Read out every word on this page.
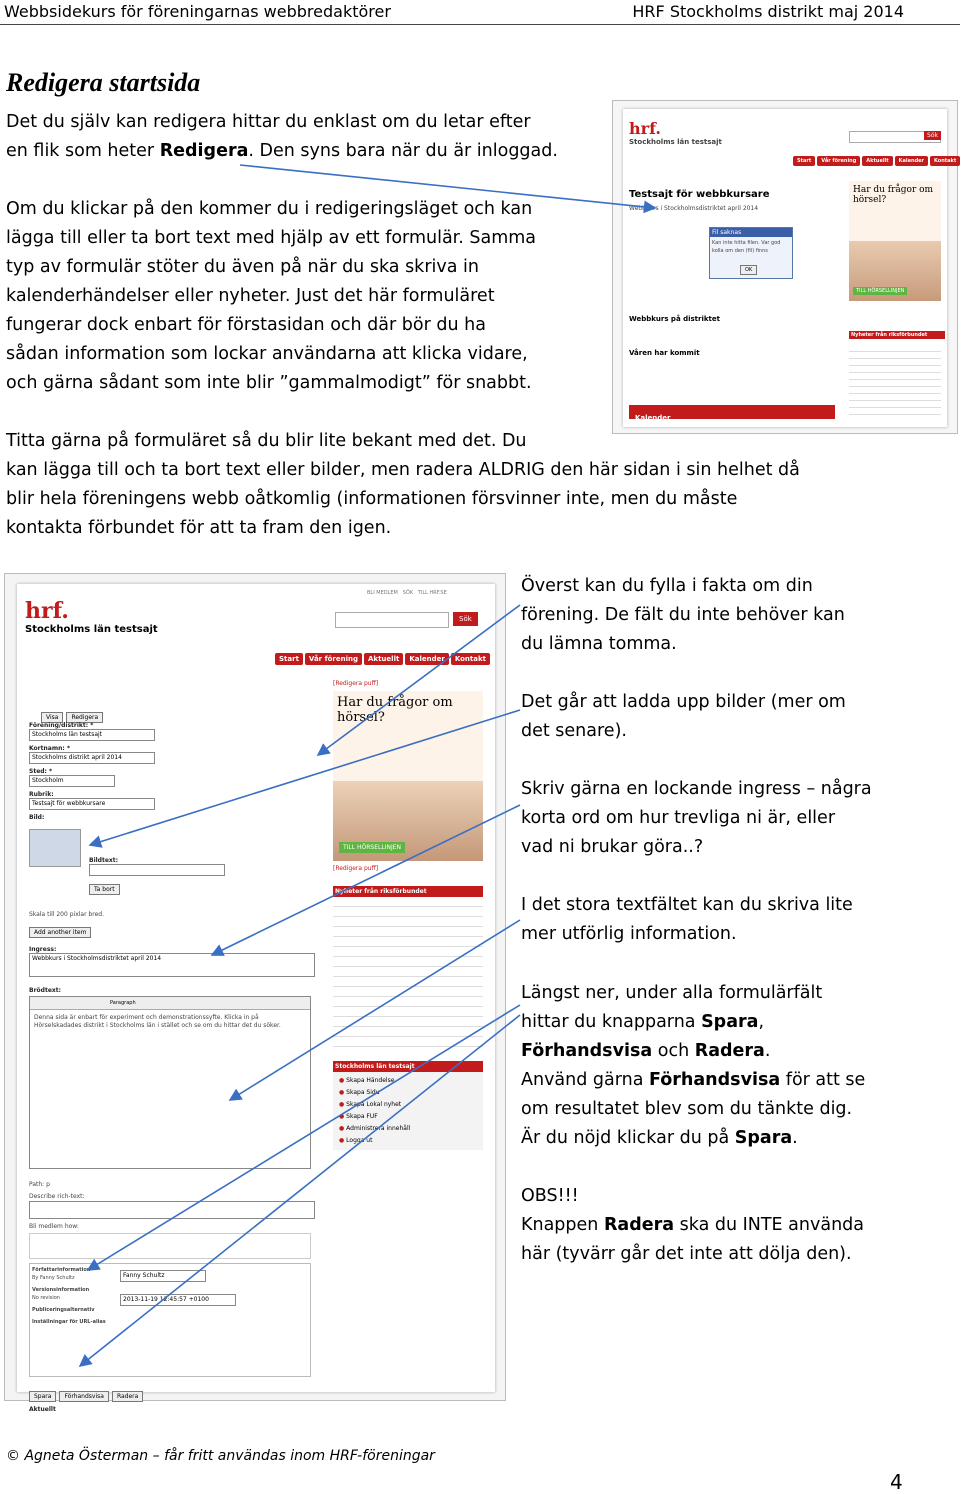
Webbsidekurs för föreningarnas webbredaktörer	HRF Stockholms distrikt maj 2014
Redigera startsida
Det du själv kan redigera hittar du enklast om du letar efter
en flik som heter Redigera. Den syns bara när du är inloggad.
Om du klickar på den kommer du i redigeringsläget och kan
lägga till eller ta bort text med hjälp av ett formulär. Samma
typ av formulär stöter du även på när du ska skriva in
kalenderhändelser eller nyheter. Just det här formuläret
fungerar dock enbart för förstasidan och där bör du ha
sådan information som lockar användarna att klicka vidare,
och gärna sådant som inte blir ”gammalmodigt” för snabbt.
Titta gärna på formuläret så du blir lite bekant med det. Du
kan lägga till och ta bort text eller bilder, men radera ALDRIG den här sidan i sin helhet då
blir hela föreningens webb oåtkomlig (informationen försvinner inte, men du måste
kontakta förbundet för att ta fram den igen.
hrf.
Stockholms län testsajt
Sök
Start Vår förening Aktuellt Kalender Kontakt
Testsajt för webbkursare
Webbkurs i Stockholmsdistriktet april 2014
Fil saknas
Kan inte hitta filen. Var god kolla om den (fil) finns
OK
Webbkurs på distriktet
Våren har kommit
Har du frågor om hörsel?
TILL HÖRSELLINJEN
Nyheter från riksförbundet
Kalender
hrf.
Stockholms län testsajt
BLI MEDLEM SÖK TILL HRF.SE
Sök
Start Vår förening Aktuellt Kalender Kontakt
Visa Redigera
Förening/distrikt: *
Stockholms län testsajt
Kortnamn: *
Stockholms distrikt april 2014
Sted: *
Stockholm
Rubrik:
Testsajt för webbkursare
Bild:
Bildtext:
Ta bort
Skala till 200 pixlar bred.
Add another item
Ingress:
Webbkurs i Stockholmsdistriktet april 2014
Brödtext:
Paragraph
Denna sida är enbart för experiment och demonstrationssyfte. Klicka in på Hörselskadades distrikt i Stockholms län i stället och se om du hittar det du söker.
Path: p
Describe rich-text:
Bli medlem how:
Författarinformation
By Fanny Schultz
Versionsinformation
No revision
Publiceringsalternativ
Inställningar för URL-alias
Fanny Schultz
2013-11-19 12:45:57 +0100
Spara Förhandsvisa Radera
Aktuellt
[Redigera puff]
Har du frågor om hörsel?
TILL HÖRSELLINJEN
[Redigera puff]
Nyheter från riksförbundet
Stockholms län testsajt
● Skapa Händelse
● Skapa Sidu
● Skapa Lokal nyhet
● Skapa FUF
● Administrera innehåll
● Logga ut
Överst kan du fylla i fakta om din
förening. De fält du inte behöver kan
du lämna tomma.
Det går att ladda upp bilder (mer om
det senare).
Skriv gärna en lockande ingress – några
korta ord om hur trevliga ni är, eller
vad ni brukar göra..?
I det stora textfältet kan du skriva lite
mer utförlig information.
Längst ner, under alla formulärfält
hittar du knapparna Spara,
Förhandsvisa och Radera.
Använd gärna Förhandsvisa för att se
om resultatet blev som du tänkte dig.
Är du nöjd klickar du på Spara.
OBS!!!
Knappen Radera ska du INTE använda
här (tyvärr går det inte att dölja den).
© Agneta Österman – får fritt användas inom HRF-föreningar
4
